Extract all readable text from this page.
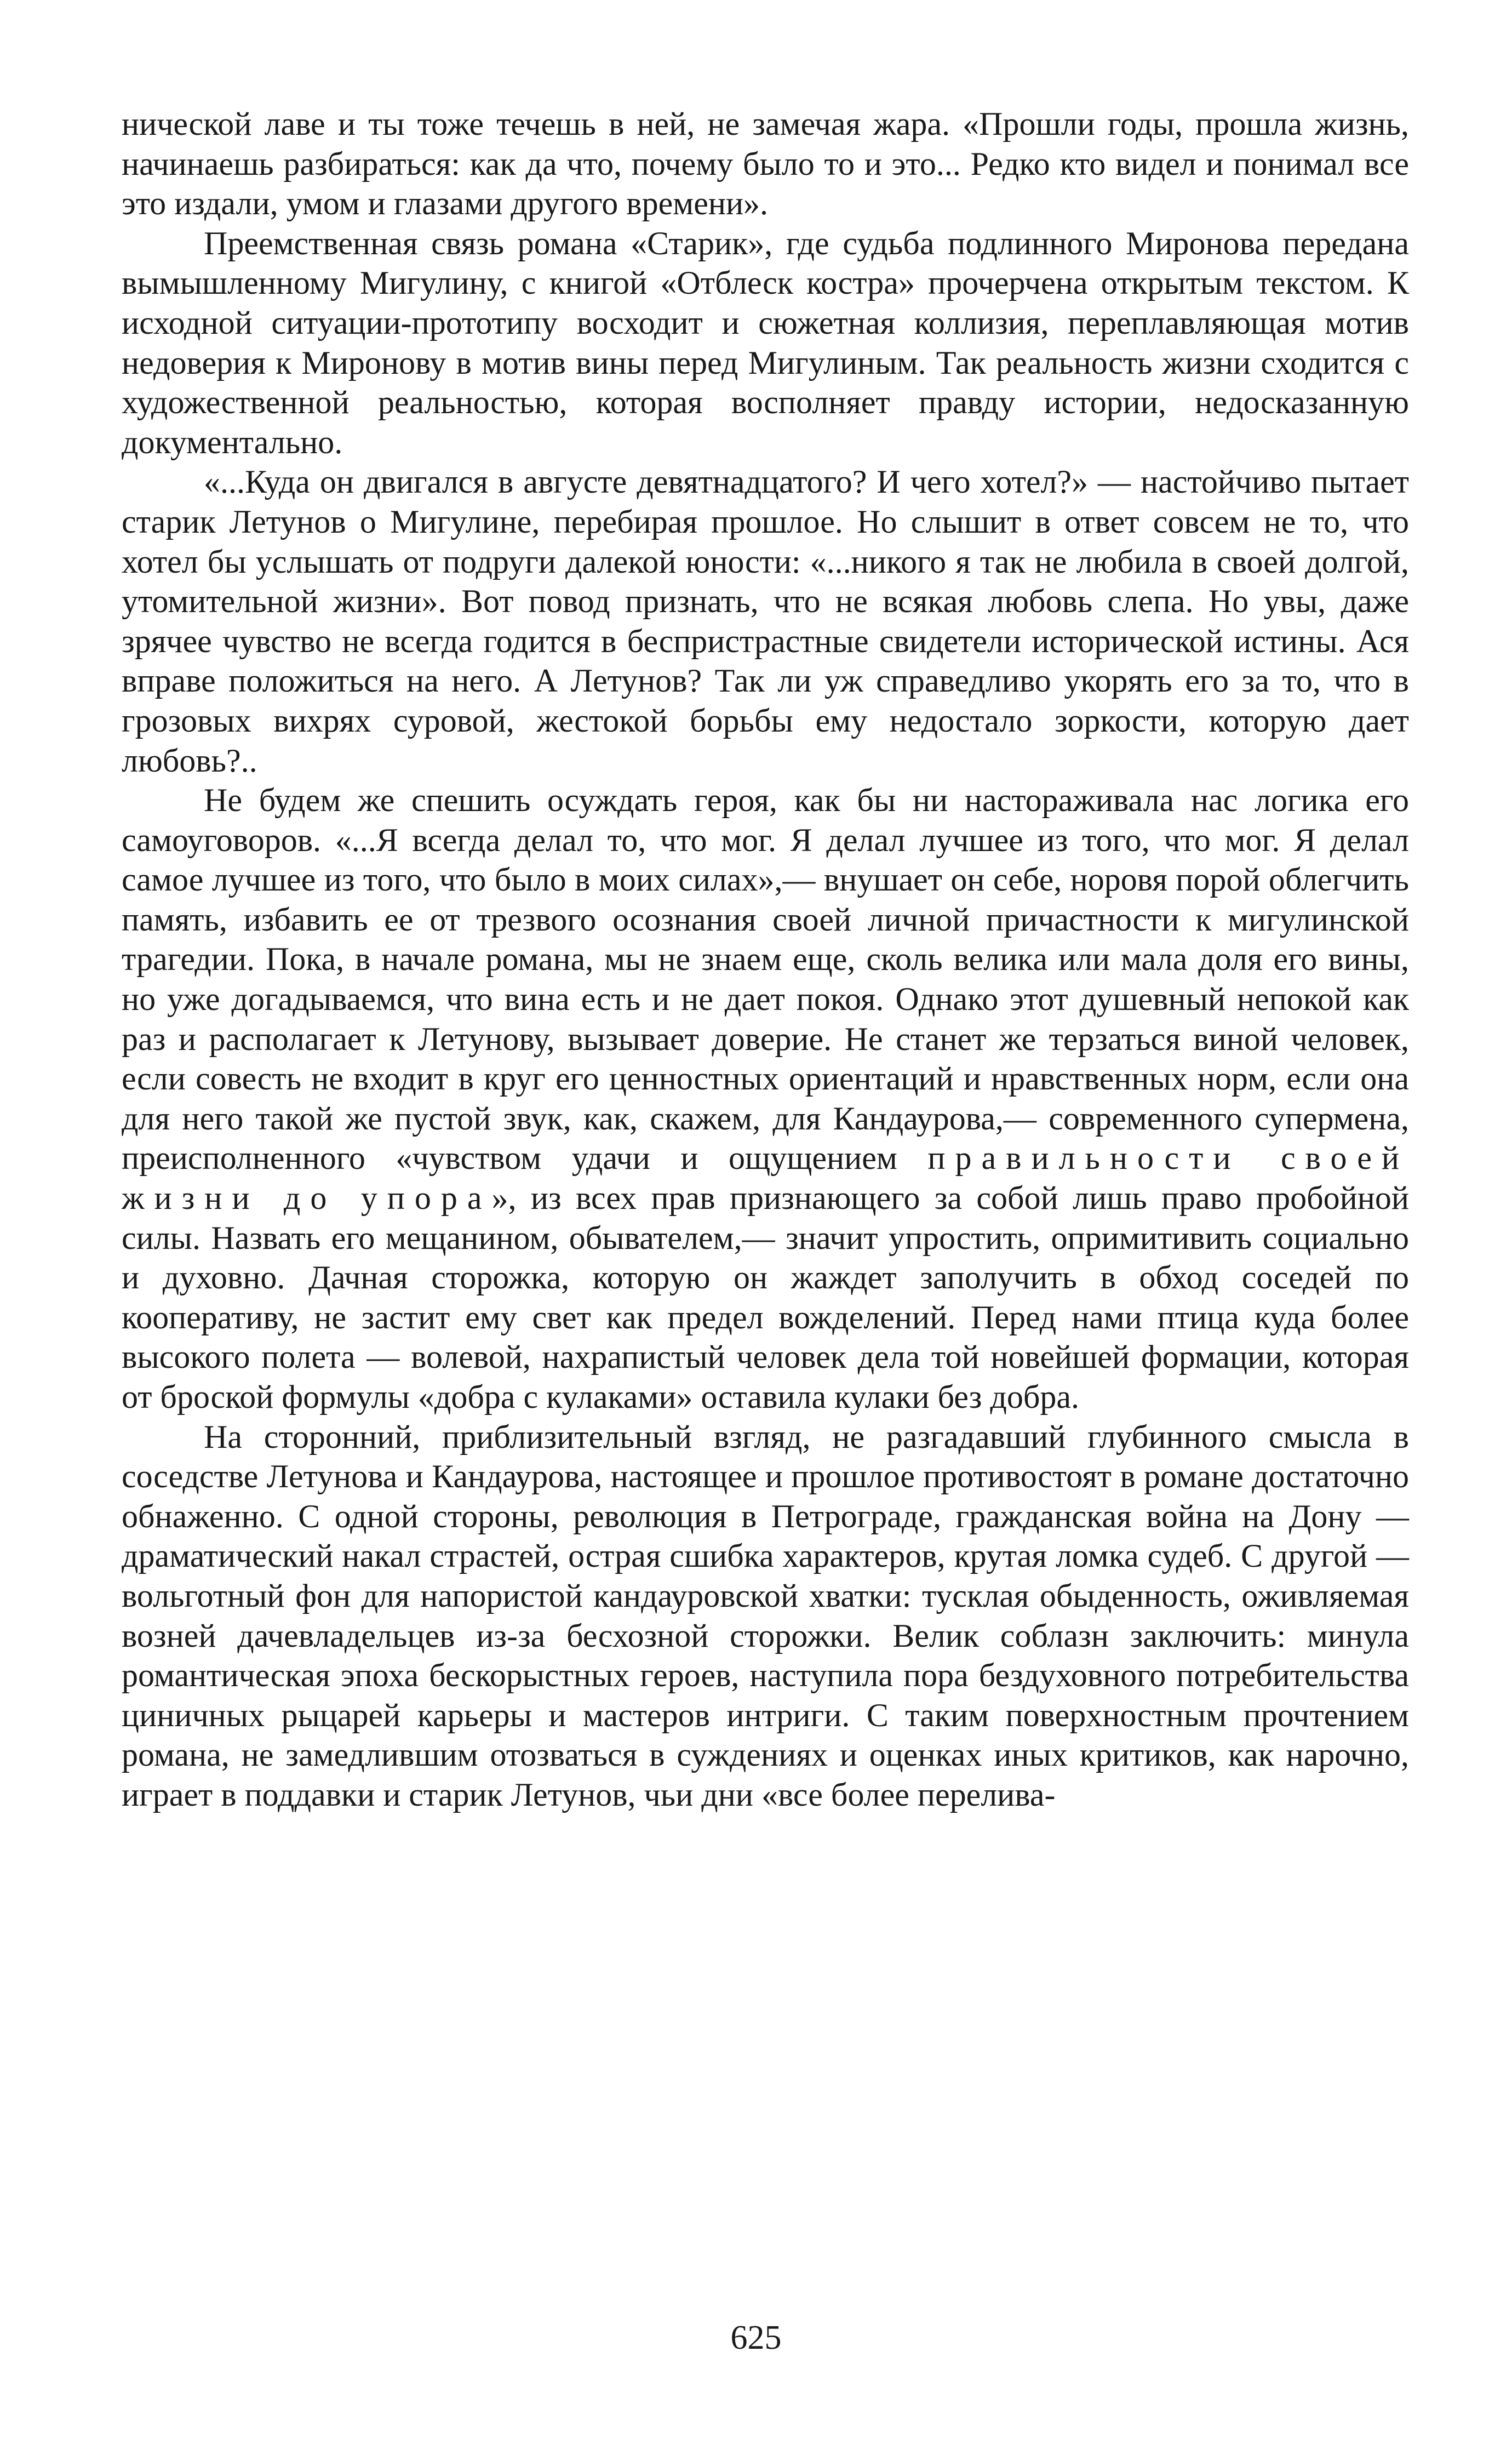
нической лаве и ты тоже течешь в ней, не замечая жара. «Прошли годы, прошла жизнь, начинаешь разбираться: как да что, почему было то и это... Редко кто видел и понимал все это издали, умом и глазами другого времени».

Преемственная связь романа «Старик», где судьба подлинного Миронова передана вымышленному Мигулину, с книгой «Отблеск костра» прочерчена открытым текстом. К исходной ситуации-прототипу восходит и сюжетная коллизия, переплавляющая мотив недоверия к Миронову в мотив вины перед Мигулиным. Так реальность жизни сходится с художественной реальностью, которая восполняет правду истории, недосказанную документально.

«...Куда он двигался в августе девятнадцатого? И чего хотел?» — настойчиво пытает старик Летунов о Мигулине, перебирая прошлое. Но слышит в ответ совсем не то, что хотел бы услышать от подруги далекой юности: «...никого я так не любила в своей долгой, утомительной жизни». Вот повод признать, что не всякая любовь слепа. Но увы, даже зрячее чувство не всегда годится в беспристрастные свидетели исторической истины. Ася вправе положиться на него. А Летунов? Так ли уж справедливо укорять его за то, что в грозовых вихрях суровой, жестокой борьбы ему недостало зоркости, которую дает любовь?..

Не будем же спешить осуждать героя, как бы ни настораживала нас логика его самоуговоров. «...Я всегда делал то, что мог. Я делал лучшее из того, что мог. Я делал самое лучшее из того, что было в моих силах»,— внушает он себе, норовя порой облегчить память, избавить ее от трезвого осознания своей личной причастности к мигулинской трагедии. Пока, в начале романа, мы не знаем еще, сколь велика или мала доля его вины, но уже догадываемся, что вина есть и не дает покоя. Однако этот душевный непокой как раз и располагает к Летунову, вызывает доверие. Не станет же терзаться виной человек, если совесть не входит в круг его ценностных ориентаций и нравственных норм, если она для него такой же пустой звук, как, скажем, для Кандаурова,— современного супермена, преисполненного «чувством удачи и ощущением правильности своей жизни до упора», из всех прав признающего за собой лишь право пробойной силы. Назвать его мещанином, обывателем,— значит упростить, опримитивить социально и духовно. Дачная сторожка, которую он жаждет заполучить в обход соседей по кооперативу, не застит ему свет как предел вожделений. Перед нами птица куда более высокого полета — волевой, нахрапистый человек дела той новейшей формации, которая от броской формулы «добра с кулаками» оставила кулаки без добра.

На сторонний, приблизительный взгляд, не разгадавший глубинного смысла в соседстве Летунова и Кандаурова, настоящее и прошлое противостоят в романе достаточно обнаженно. С одной стороны, революция в Петрограде, гражданская война на Дону — драматический накал страстей, острая сшибка характеров, крутая ломка судеб. С другой — вольготный фон для напористой кандауровской хватки: тусклая обыденность, оживляемая возней дачевладельцев из-за бесхозной сторожки. Велик соблазн заключить: минула романтическая эпоха бескорыстных героев, наступила пора бездуховного потребительства циничных рыцарей карьеры и мастеров интриги. С таким поверхностным прочтением романа, не замедлившим отозваться в суждениях и оценках иных критиков, как нарочно, играет в поддавки и старик Летунов, чьи дни «все более перелива-

625
